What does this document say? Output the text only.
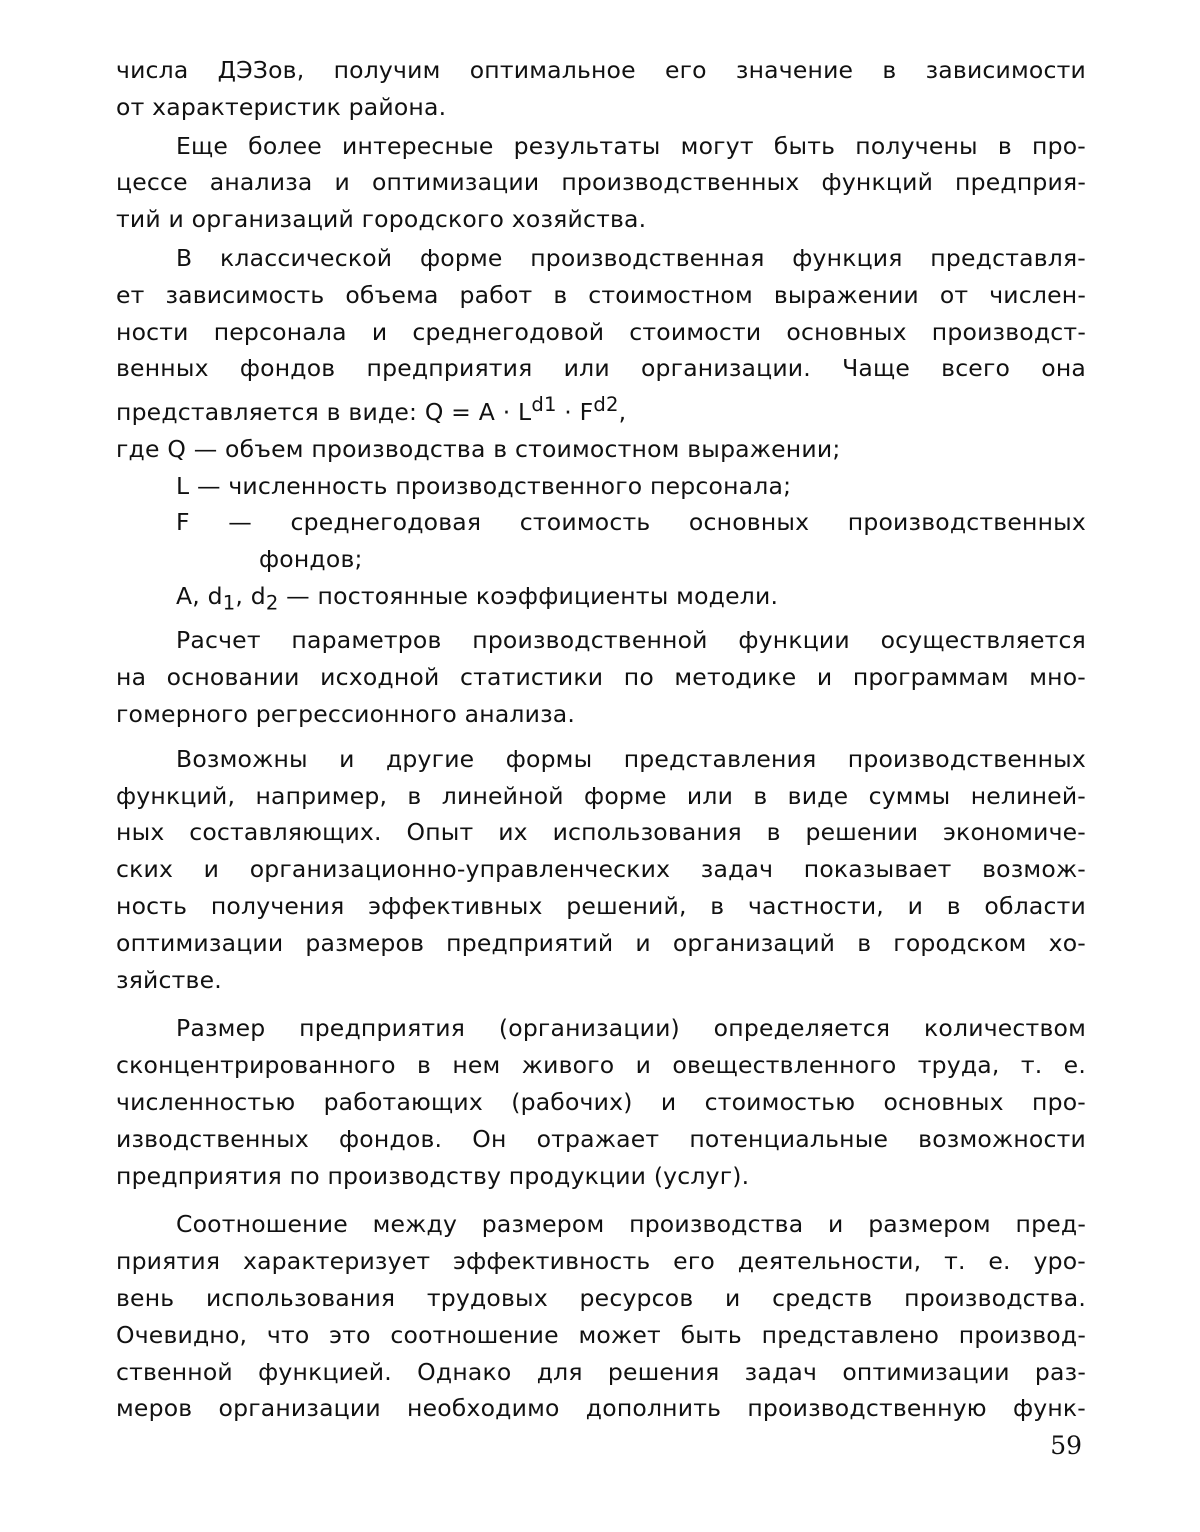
числа ДЭЗов, получим оптимальное его значение в зависимости
от характеристик района.
Еще более интересные результаты могут быть получены в про-
цессе анализа и оптимизации производственных функций предприя-
тий и организаций городского хозяйства.
В классической форме производственная функция представля-
ет зависимость объема работ в стоимостном выражении от числен-
ности персонала и среднегодовой стоимости основных производст-
венных фондов предприятия или организации. Чаще всего она
представляется в виде: $Q = A \cdot L^{d1} \cdot F^{d2}$,
где Q — объем производства в стоимостном выражении;
L — численность производственного персонала;
F — среднегодовая стоимость основных производственных
фондов;
A, $d_1$, $d_2$ — постоянные коэффициенты модели.
Расчет параметров производственной функции осуществляется
на основании исходной статистики по методике и программам мно-
гомерного регрессионного анализа.
Возможны и другие формы представления производственных
функций, например, в линейной форме или в виде суммы нелиней-
ных составляющих. Опыт их использования в решении экономиче-
ских и организационно-управленческих задач показывает возмож-
ность получения эффективных решений, в частности, и в области
оптимизации размеров предприятий и организаций в городском хо-
зяйстве.
Размер предприятия (организации) определяется количеством
сконцентрированного в нем живого и овеществленного труда, т. е.
численностью работающих (рабочих) и стоимостью основных про-
изводственных фондов. Он отражает потенциальные возможности
предприятия по производству продукции (услуг).
Соотношение между размером производства и размером пред-
приятия характеризует эффективность его деятельности, т. е. уро-
вень использования трудовых ресурсов и средств производства.
Очевидно, что это соотношение может быть представлено производ-
ственной функцией. Однако для решения задач оптимизации раз-
меров организации необходимо дополнить производственную функ-
59
